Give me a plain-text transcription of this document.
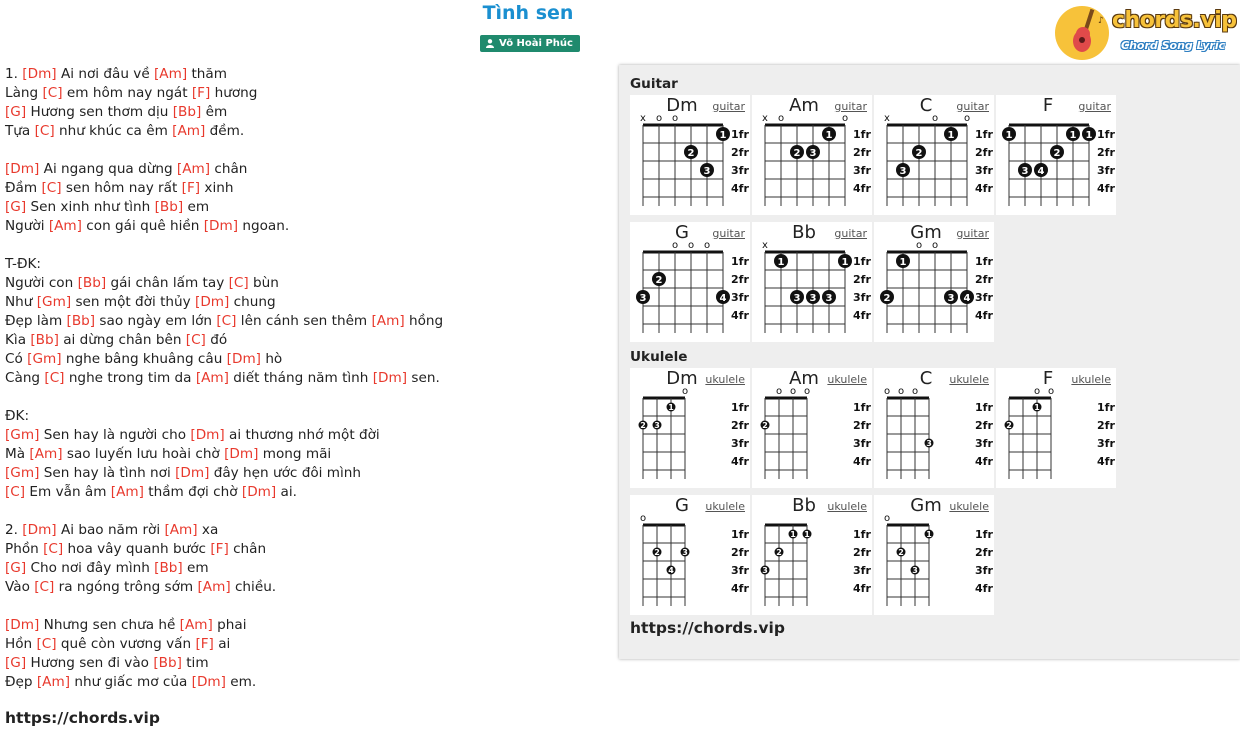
Tình sen
Võ Hoài Phúc
♪ chords.vip
Chord Song Lyric
1. [Dm] Ai nơi đâu về [Am] thăm
Làng [C] em hôm nay ngát [F] hương
[G] Hương sen thơm dịu [Bb] êm
Tựa [C] như khúc ca êm [Am] đềm.
[Dm] Ai ngang qua dừng [Am] chân
Đầm [C] sen hôm nay rất [F] xinh
[G] Sen xinh như tình [Bb] em
Người [Am] con gái quê hiền [Dm] ngoan.
T-ĐK:
Người con [Bb] gái chân lấm tay [C] bùn
Như [Gm] sen một đời thủy [Dm] chung
Đẹp làm [Bb] sao ngày em lớn [C] lên cánh sen thêm [Am] hồng
Kìa [Bb] ai dừng chân bên [C] đó
Có [Gm] nghe bâng khuâng câu [Dm] hò
Càng [C] nghe trong tim da [Am] diết tháng năm tình [Dm] sen.
ĐK:
[Gm] Sen hay là người cho [Dm] ai thương nhớ một đời
Mà [Am] sao luyến lưu hoài chờ [Dm] mong mãi
[Gm] Sen hay là tình nơi [Dm] đây hẹn ước đôi mình
[C] Em vẫn âm [Am] thầm đợi chờ [Dm] ai.
2. [Dm] Ai bao năm rời [Am] xa
Phồn [C] hoa vây quanh bước [F] chân
[G] Cho nơi đây mình [Bb] em
Vào [C] ra ngóng trông sớm [Am] chiều.
[Dm] Nhưng sen chưa hề [Am] phai
Hồn [C] quê còn vương vấn [F] ai
[G] Hương sen đi vào [Bb] tim
Đẹp [Am] như giấc mơ của [Dm] em.
https://chords.vip
Guitar
Dm	guitar
1fr
2fr
3fr
4fr
x o o
1
2
3
Am	guitar
1fr
2fr
3fr
4fr
x o	o
1
2 3
C	guitar
1fr
2fr
3fr
4fr
x	o	o
1
2
3
F	guitar
1fr
2fr
3fr
4fr
1	1 1
2
3 4
G	guitar
1fr
2fr
3fr
4fr
o o o
2
3	4
Bb	guitar
1fr
2fr
3fr
4fr
x
1	1
3 3 3
Gm	guitar
1fr
2fr
3fr
4fr
o o
1
2	3 4
Ukulele
Dm ukulele
1fr
2fr
3fr
4fr
o
1
2 3
Am ukulele
1fr
2fr
3fr
4fr
o o o
2
C	ukulele
1fr
2fr
3fr
4fr
o o o
3
F	ukulele
1fr
2fr
3fr
4fr
o o
1
2
G	ukulele
1fr
2fr
3fr
4fr
o
2	3
4
Bb	ukulele
1fr
2fr
3fr
4fr
1 1
2
3
Gm ukulele
1fr
2fr
3fr
4fr
o
1
2
3
https://chords.vip
